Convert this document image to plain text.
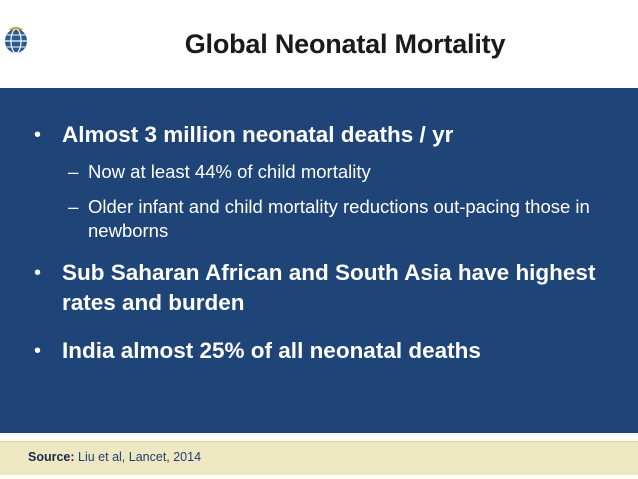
Global Neonatal Mortality
• Almost 3 million neonatal deaths / yr
– Now at least 44% of child mortality
– Older infant and child mortality reductions out-pacing those in newborns
• Sub Saharan African and South Asia have highest rates and burden
• India almost 25% of all neonatal deaths
Source: Liu et al, Lancet, 2014
